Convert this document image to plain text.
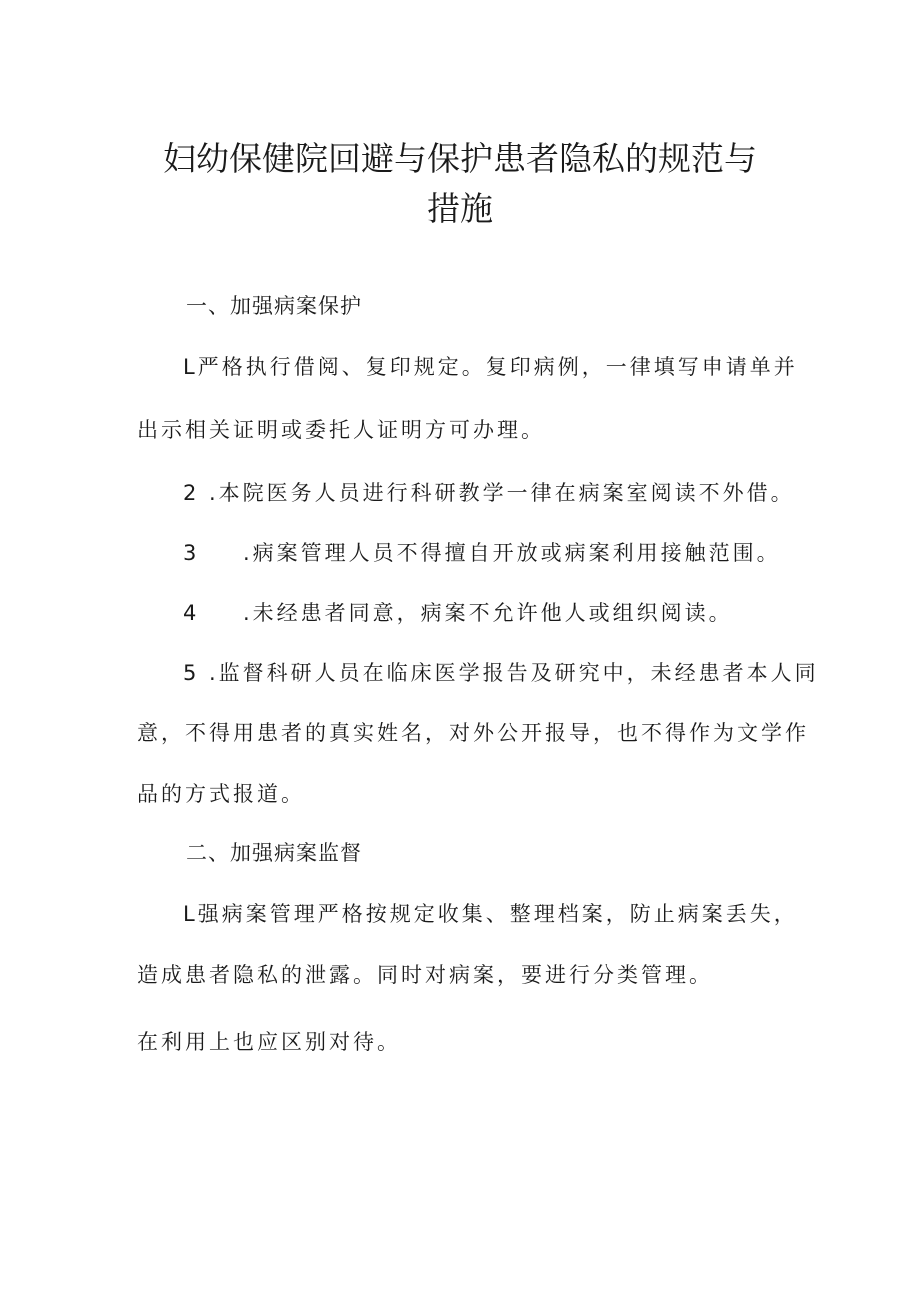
妇幼保健院回避与保护患者隐私的规范与
措施
一、加强病案保护
L严格执行借阅、复印规定。复印病例，一律填写申请单并
出示相关证明或委托人证明方可办理。
2 .本院医务人员进行科研教学一律在病案室阅读不外借。
3 .病案管理人员不得擅自开放或病案利用接触范围。
4 .未经患者同意，病案不允许他人或组织阅读。
5 .监督科研人员在临床医学报告及研究中，未经患者本人同
意，不得用患者的真实姓名，对外公开报导，也不得作为文学作
品的方式报道。
二、加强病案监督
L强病案管理严格按规定收集、整理档案，防止病案丢失，
造成患者隐私的泄露。同时对病案，要进行分类管理。
在利用上也应区别对待。
